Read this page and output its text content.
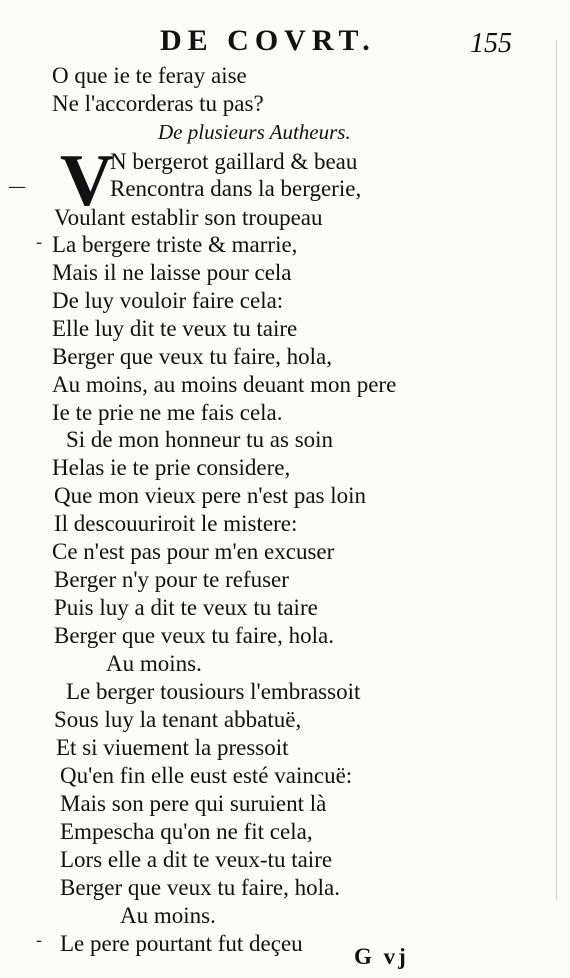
DE COVRT.	155
O que ie te feray aise
Ne l'accorderas tu pas?
De plusieurs Autheurs.
V
N bergerot gaillard & beau
Rencontra dans la bergerie,
Voulant establir son troupeau
La bergere triste & marrie,
Mais il ne laisse pour cela
De luy vouloir faire cela:
Elle luy dit te veux tu taire
Berger que veux tu faire, hola,
Au moins, au moins deuant mon pere
Ie te prie ne me fais cela.
Si de mon honneur tu as soin
Helas ie te prie considere,
Que mon vieux pere n'est pas loin
Il descouuriroit le mistere:
Ce n'est pas pour m'en excuser
Berger n'y pour te refuser
Puis luy a dit te veux tu taire
Berger que veux tu faire, hola.
Au moins.
Le berger tousiours l'embrassoit
Sous luy la tenant abbatuë,
Et si viuement la pressoit
Qu'en fin elle eust esté vaincuë:
Mais son pere qui suruient là
Empescha qu'on ne fit cela,
Lors elle a dit te veux-tu taire
Berger que veux tu faire, hola.
Au moins.
Le pere pourtant fut deçeu
G vj
—
-
-
